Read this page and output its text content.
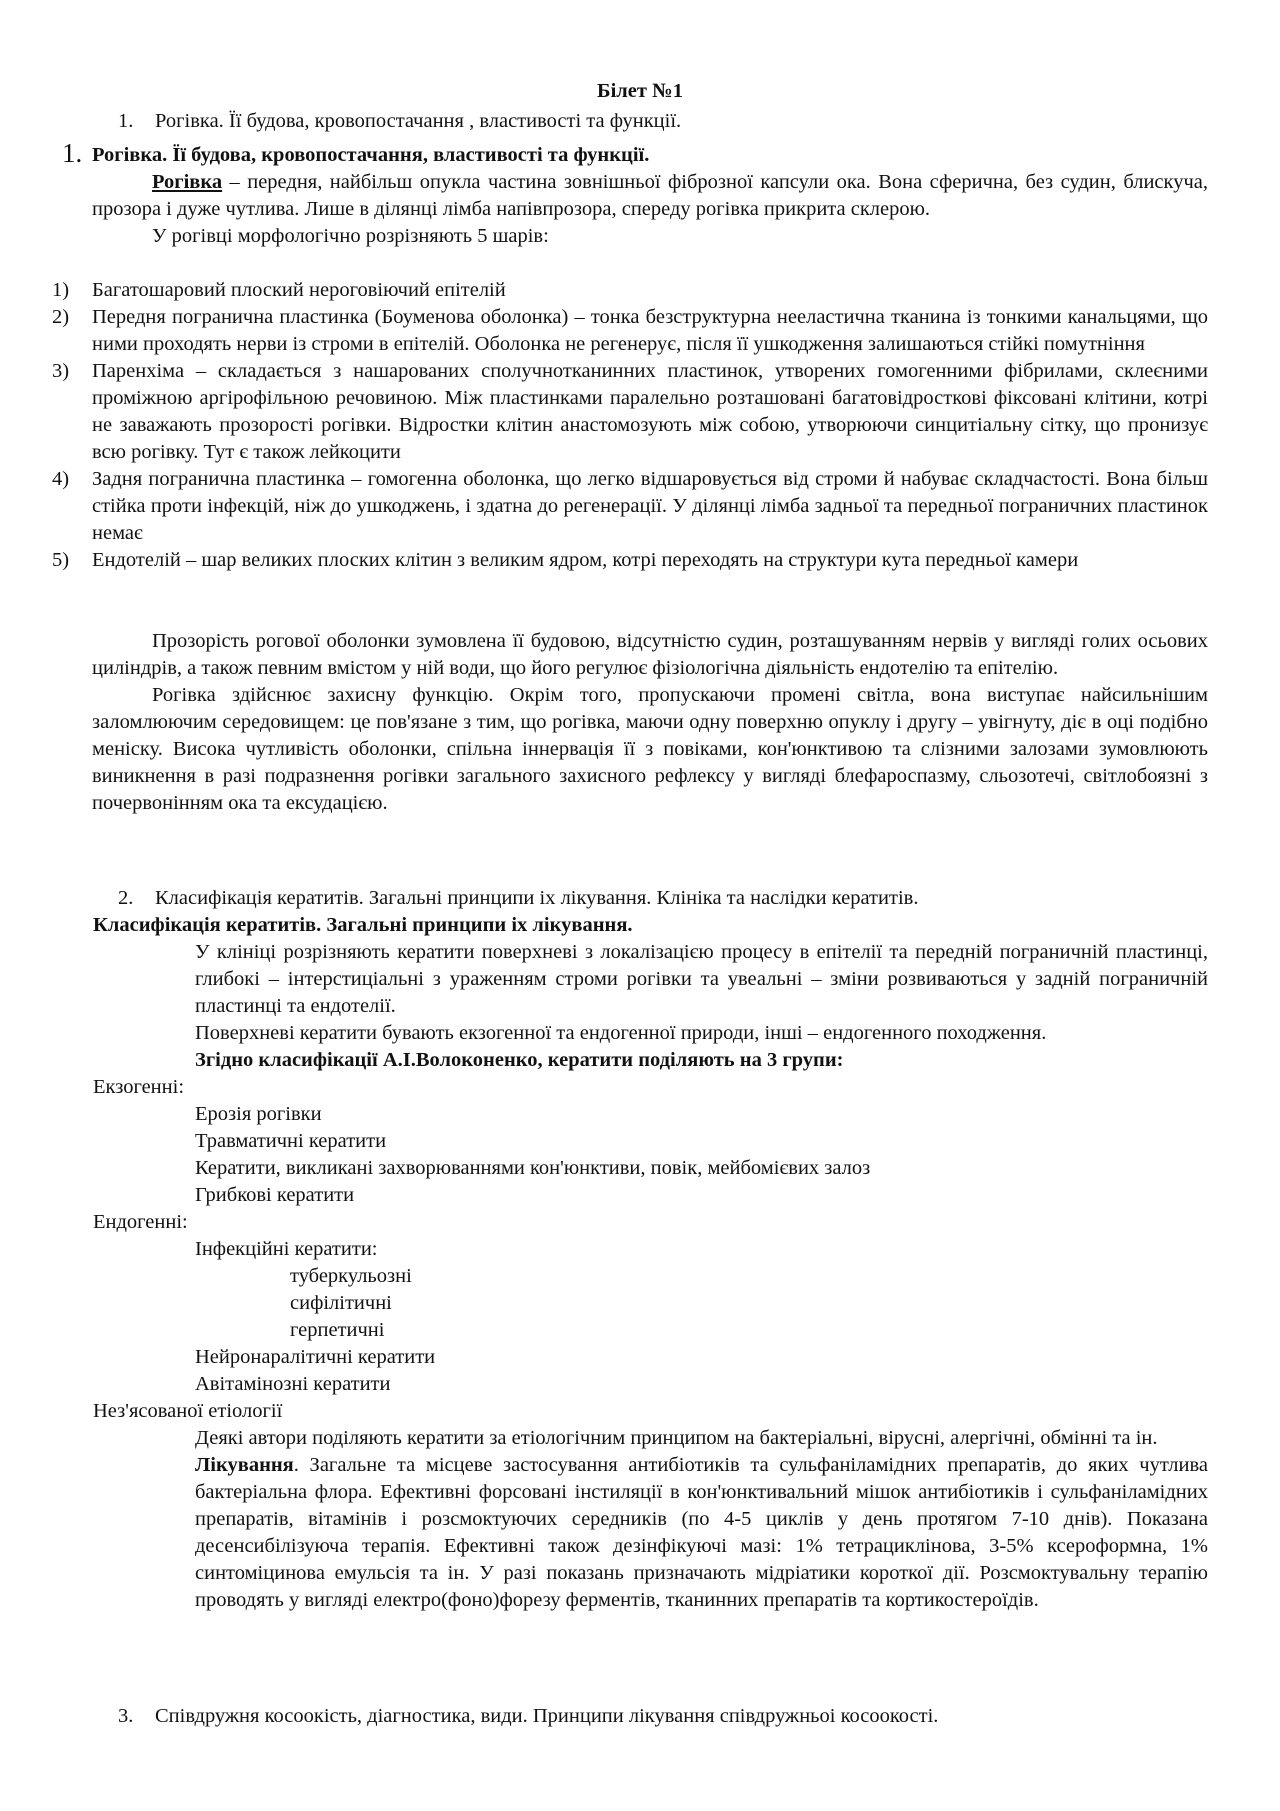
Білет №1
1. Рогівка. Її будова, кровопостачання , властивості та функції.
1. Рогівка. Її будова, кровопостачання, властивості та функції.

Рогівка – передня, найбільш опукла частина зовнішньої фіброзної капсули ока. Вона сферична, без судин, блискуча, прозора і дуже чутлива. Лише в ділянці лімба напівпрозора, спереду рогівка прикрита склерою.

У рогівці морфологічно розрізняють 5 шарів:

1) Багатошаровий плоский нероговіючий епітелій
2) Передня погранична пластинка (Боуменова оболонка) – тонка безструктурна нееластична тканина із тонкими канальцями, що ними проходять нерви із строми в епітелій. Оболонка не регенерує, після її ушкодження залишаються стійкі помутніння
3) Паренхіма – складається з нашарованих сполучнотканинних пластинок, утворених гомогенними фібрилами, склеєними проміжною аргірофільною речовиною. Між пластинками паралельно розташовані багатовідросткові фіксовані клітини, котрі не заважають прозорості рогівки. Відростки клітин анастомозують між собою, утворюючи синцитіальну сітку, що пронизує всю рогівку. Тут є також лейкоцити
4) Задня погранична пластинка – гомогенна оболонка, що легко відшаровується від строми й набуває складчастості. Вона більш стійка проти інфекцій, ніж до ушкоджень, і здатна до регенерації. У ділянці лімба задньої та передньої пограничних пластинок немає
5) Ендотелій – шар великих плоских клітин з великим ядром, котрі переходять на структури кута передньої камери

Прозорість рогової оболонки зумовлена її будовою, відсутністю судин, розташуванням нервів у вигляді голих осьових циліндрів, а також певним вмістом у ній води, що його регулює фізіологічна діяльність ендотелію та епітелію.

Рогівка здійснює захисну функцію. Окрім того, пропускаючи промені світла, вона виступає найсильнішим заломлюючим середовищем: це пов'язане з тим, що рогівка, маючи одну поверхню опуклу і другу – увігнуту, діє в оці подібно меніску. Висока чутливість оболонки, спільна іннервація її з повіками, кон'юнктивою та слізними залозами зумовлюють виникнення в разі подразнення рогівки загального захисного рефлексу у вигляді блефароспазму, сльозотечі, світлобоязні з почервонінням ока та ексудацією.

2. Класифікація кератитів. Загальні принципи іх лікування. Клініка та наслідки кератитів.
Класифікація кератитів. Загальні принципи іх лікування.

У клініці розрізняють кератити поверхневі з локалізацією процесу в епітелії та передній пограничній пластинці, глибокі – інтерстиціальні з ураженням строми рогівки та увеальні – зміни розвиваються у задній пограничній пластинці та ендотелії.

Поверхневі кератити бувають екзогенної та ендогенної природи, інші – ендогенного походження.

Згідно класифікації А.І.Волоконенко, кератити поділяють на 3 групи:

Екзогенні:
Ерозія рогівки
Травматичні кератити
Кератити, викликані захворюваннями кон'юнктиви, повік, мейбомієвих залоз
Грибкові кератити
Ендогенні:
Інфекційні кератити:
туберкульозні
сифілітичні
герпетичні
Нейронаралітичні кератити
Авітамінозні кератити
Нез'ясованої етіології

Деякі автори поділяють кератити за етіологічним принципом на бактеріальні, вірусні, алергічні, обмінні та ін.

Лікування. Загальне та місцеве застосування антибіотиків та сульфаніламідних препаратів, до яких чутлива бактеріальна флора. Ефективні форсовані інстиляції в кон'юнктивальний мішок антибіотиків і сульфаніламідних препаратів, вітамінів і розсмоктуючих середників (по 4-5 циклів у день протягом 7-10 днів). Показана десенсибілізуюча терапія. Ефективні також дезінфікуючі мазі: 1% тетрациклінова, 3-5% ксероформна, 1% синтоміцинова емульсія та ін. У разі показань призначають мідріатики короткої дії. Розсмоктувальну терапію проводять у вигляді електро(фоно)форезу ферментів, тканинних препаратів та кортикостероїдів.

3. Співдружня косоокість, діагностика, види. Принципи лікування співдружньоі косоокості.
